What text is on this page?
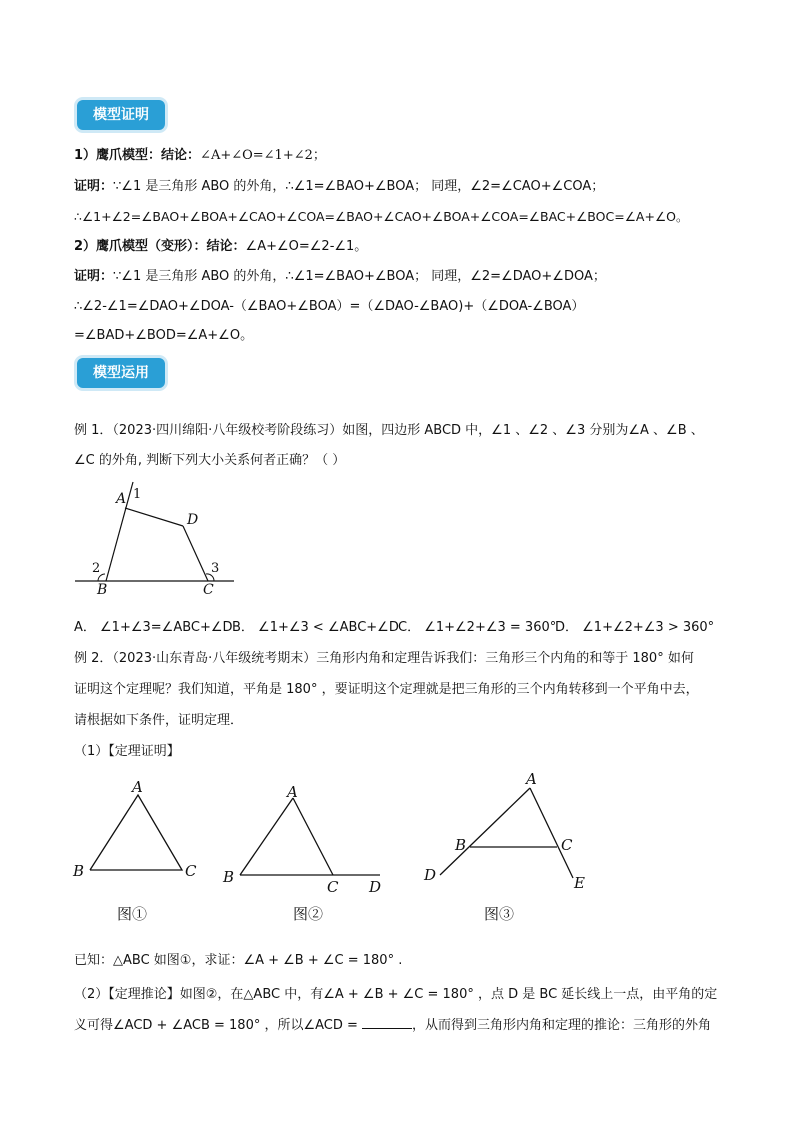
模型证明
1）鹰爪模型：结论：∠A+∠O=∠1+∠2；
证明：∵∠1 是三角形 ABO 的外角，∴∠1=∠BAO+∠BOA； 同理，∠2=∠CAO+∠COA；
∴∠1+∠2=∠BAO+∠BOA+∠CAO+∠COA=∠BAO+∠CAO+∠BOA+∠COA=∠BAC+∠BOC=∠A+∠O。
2）鹰爪模型（变形）：结论：∠A+∠O=∠2-∠1。
证明：∵∠1 是三角形 ABO 的外角，∴∠1=∠BAO+∠BOA； 同理，∠2=∠DAO+∠DOA；
∴∠2-∠1=∠DAO+∠DOA-（∠BAO+∠BOA）=（∠DAO-∠BAO)+（∠DOA-∠BOA）
=∠BAD+∠BOD=∠A+∠O。
模型运用
例 1．（2023·四川绵阳·八年级校考阶段练习）如图，四边形 ABCD 中，∠1 、∠2 、∠3 分别为∠A 、∠B 、
∠C 的外角, 判断下列大小关系何者正确？（ ）
A 1
D
2	3
B	C
A． ∠1+∠3=∠ABC+∠D B． ∠1+∠3 < ∠ABC+∠D C． ∠1+∠2+∠3 = 360°
D． ∠1+∠2+∠3 > 360°
例 2．（2023·山东青岛·八年级统考期末）三角形内角和定理告诉我们：三角形三个内角的和等于 180° 如何
证明这个定理呢？我们知道，平角是 180° ，要证明这个定理就是把三角形的三个内角转移到一个平角中去，
请根据如下条件，证明定理．
（1）【定理证明】
A
B	C
图①
A
B
C D
图②
A
B	C
D	E
图③
已知：△ABC 如图①，求证：∠A + ∠B + ∠C = 180° .
（2）【定理推论】如图②，在△ABC 中，有∠A + ∠B + ∠C = 180° ，点 D 是 BC 延长线上一点，由平角的定
义可得∠ACD + ∠ACB = 180° ，所以∠ACD =	，从而得到三角形内角和定理的推论：三角形的外角
